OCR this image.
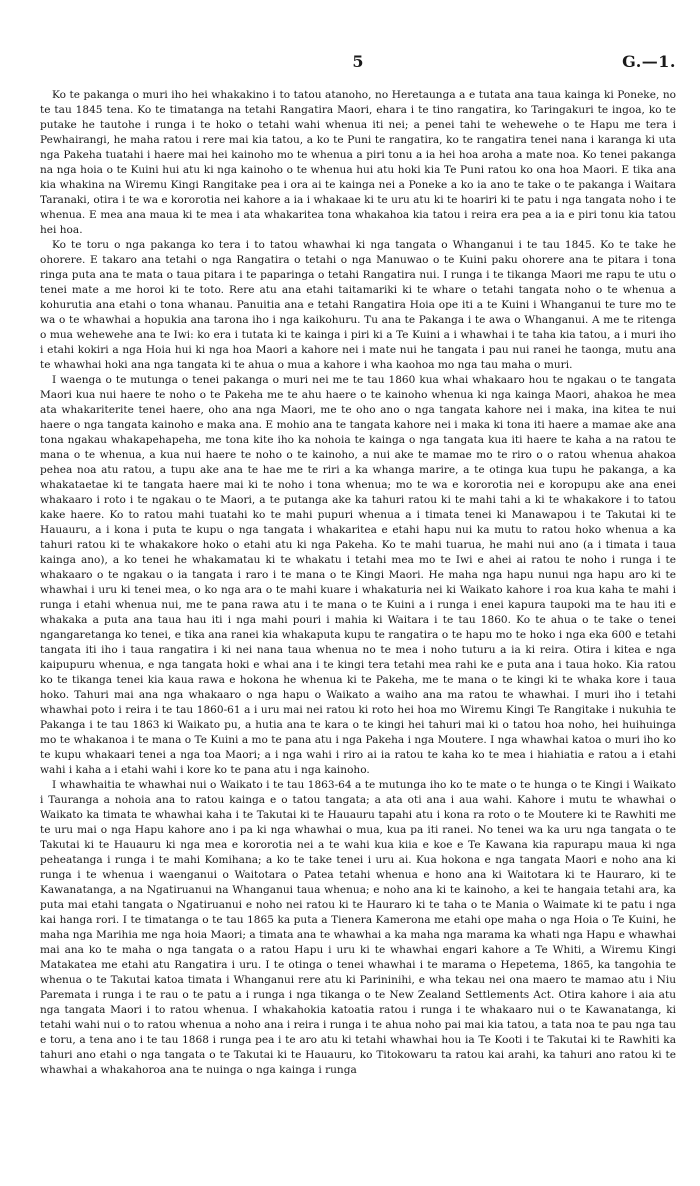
5	G.—1.

Ko te pakanga o muri iho hei whakakino i to tatou atanoho, no Heretaunga a e tutata ana taua kainga ki Poneke, no te tau 1845 tena. Ko te timatanga na tetahi Rangatira Maori, ehara i te tino rangatira, ko Taringakuri te ingoa, ko te putake he tautohe i runga i te hoko o tetahi wahi whenua iti nei; a penei tahi te wehewehe o te Hapu me tera i Pewhairangi, he maha ratou i rere mai kia tatou, a ko te Puni te rangatira, ko te rangatira tenei nana i karanga ki uta nga Pakeha tuatahi i haere mai hei kainoho mo te whenua a piri tonu a ia hei hoa aroha a mate noa. Ko tenei pakanga na nga hoia o te Kuini hui atu ki nga kainoho o te whenua hui atu hoki kia Te Puni ratou ko ona hoa Maori. E tika ana kia whakina na Wiremu Kingi Rangitake pea i ora ai te kainga nei a Poneke a ko ia ano te take o te pakanga i Waitara Taranaki, otira i te wa e kororotia nei kahore a ia i whakaae ki te uru atu ki te hoariri ki te patu i nga tangata noho i te whenua. E mea ana maua ki te mea i ata whakaritea tona whakahoa kia tatou i reira era pea a ia e piri tonu kia tatou hei hoa.

Ko te toru o nga pakanga ko tera i to tatou whawhai ki nga tangata o Whanganui i te tau 1845. Ko te take he ohorere. E takaro ana tetahi o nga Rangatira o tetahi o nga Manuwao o te Kuini paku ohorere ana te pitara i tona ringa puta ana te mata o taua pitara i te paparinga o tetahi Rangatira nui. I runga i te tikanga Maori me rapu te utu o tenei mate a me horoi ki te toto. Rere atu ana etahi taitamariki ki te whare o tetahi tangata noho o te whenua a kohurutia ana etahi o tona whanau. Panuitia ana e tetahi Rangatira Hoia ope iti a te Kuini i Whanganui te ture mo te wa o te whawhai a hopukia ana tarona iho i nga kaikohuru. Tu ana te Pakanga i te awa o Whanganui. A me te ritenga o mua wehewehe ana te Iwi: ko era i tutata ki te kainga i piri ki a Te Kuini a i whawhai i te taha kia tatou, a i muri iho i etahi kokiri a nga Hoia hui ki nga hoa Maori a kahore nei i mate nui he tangata i pau nui ranei he taonga, mutu ana te whawhai hoki ana nga tangata ki te ahua o mua a kahore i wha kaohoa mo nga tau maha o muri.

I waenga o te mutunga o tenei pakanga o muri nei me te tau 1860 kua whai whakaaro hou te ngakau o te tangata Maori kua nui haere te noho o te Pakeha me te ahu haere o te kainoho whenua ki nga kainga Maori, ahakoa he mea ata whakariterite tenei haere, oho ana nga Maori, me te oho ano o nga tangata kahore nei i maka, ina kitea te nui haere o nga tangata kainoho e maka ana. E mohio ana te tangata kahore nei i maka ki tona iti haere a mamae ake ana tona ngakau whakapehapeha, me tona kite iho ka nohoia te kainga o nga tangata kua iti haere te kaha a na ratou te mana o te whenua, a kua nui haere te noho o te kainoho, a nui ake te mamae mo te riro o o ratou whenua ahakoa pehea noa atu ratou, a tupu ake ana te hae me te riri a ka whanga marire, a te otinga kua tupu he pakanga, a ka whakataetae ki te tangata haere mai ki te noho i tona whenua; mo te wa e kororotia nei e koropupu ake ana enei whakaaro i roto i te ngakau o te Maori, a te putanga ake ka tahuri ratou ki te mahi tahi a ki te whakakore i to tatou kake haere. Ko to ratou mahi tuatahi ko te mahi pupuri whenua a i timata tenei ki Manawapou i te Takutai ki te Hauauru, a i kona i puta te kupu o nga tangata i whakaritea e etahi hapu nui ka mutu to ratou hoko whenua a ka tahuri ratou ki te whakakore hoko o etahi atu ki nga Pakeha. Ko te mahi tuarua, he mahi nui ano (a i timata i taua kainga ano), a ko tenei he whakamatau ki te whakatu i tetahi mea mo te Iwi e ahei ai ratou te noho i runga i te whakaaro o te ngakau o ia tangata i raro i te mana o te Kingi Maori. He maha nga hapu nunui nga hapu aro ki te whawhai i uru ki tenei mea, o ko nga ara o te mahi kuare i whakaturia nei ki Waikato kahore i roa kua kaha te mahi i runga i etahi whenua nui, me te pana rawa atu i te mana o te Kuini a i runga i enei kapura taupoki ma te hau iti e whakaka a puta ana taua hau iti i nga mahi pouri i mahia ki Waitara i te tau 1860. Ko te ahua o te take o tenei ngangaretanga ko tenei, e tika ana ranei kia whakaputa kupu te rangatira o te hapu mo te hoko i nga eka 600 e tetahi tangata iti iho i taua rangatira i ki nei nana taua whenua no te mea i noho tuturu a ia ki reira. Otira i kitea e nga kaipupuru whenua, e nga tangata hoki e whai ana i te kingi tera tetahi mea rahi ke e puta ana i taua hoko. Kia ratou ko te tikanga tenei kia kaua rawa e hokona he whenua ki te Pakeha, me te mana o te kingi ki te whaka kore i taua hoko. Tahuri mai ana nga whakaaro o nga hapu o Waikato a waiho ana ma ratou te whawhai. I muri iho i tetahi whawhai poto i reira i te tau 1860-61 a i uru mai nei ratou ki roto hei hoa mo Wiremu Kingi Te Rangitake i nukuhia te Pakanga i te tau 1863 ki Waikato pu, a hutia ana te kara o te kingi hei tahuri mai ki o tatou hoa noho, hei huihuinga mo te whakanoa i te mana o Te Kuini a mo te pana atu i nga Pakeha i nga Moutere. I nga whawhai katoa o muri iho ko te kupu whakaari tenei a nga toa Maori; a i nga wahi i riro ai ia ratou te kaha ko te mea i hiahiatia e ratou a i etahi wahi i kaha a i etahi wahi i kore ko te pana atu i nga kainoho.

I whawhaitia te whawhai nui o Waikato i te tau 1863-64 a te mutunga iho ko te mate o te hunga o te Kingi i Waikato i Tauranga a nohoia ana to ratou kainga e o tatou tangata; a ata oti ana i aua wahi. Kahore i mutu te whawhai o Waikato ka timata te whawhai kaha i te Takutai ki te Hauauru tapahi atu i kona ra roto o te Moutere ki te Rawhiti me te uru mai o nga Hapu kahore ano i pa ki nga whawhai o mua, kua pa iti ranei. No tenei wa ka uru nga tangata o te Takutai ki te Hauauru ki nga mea e kororotia nei a te wahi kua kiia e koe e Te Kawana kia rapurapu maua ki nga peheatanga i runga i te mahi Komihana; a ko te take tenei i uru ai. Kua hokona e nga tangata Maori e noho ana ki runga i te whenua i waenganui o Waitotara o Patea tetahi whenua e hono ana ki Waitotara ki te Hauraro, ki te Kawanatanga, a na Ngatiruanui na Whanganui taua whenua; e noho ana ki te kainoho, a kei te hangaia tetahi ara, ka puta mai etahi tangata o Ngatiruanui e noho nei ratou ki te Hauraro ki te taha o te Mania o Waimate ki te patu i nga kai hanga rori. I te timatanga o te tau 1865 ka puta a Tienera Kamerona me etahi ope maha o nga Hoia o Te Kuini, he maha nga Marihia me nga hoia Maori; a timata ana te whawhai a ka maha nga marama ka whati nga Hapu e whawhai mai ana ko te maha o nga tangata o a ratou Hapu i uru ki te whawhai engari kahore a Te Whiti, a Wiremu Kingi Matakatea me etahi atu Rangatira i uru. I te otinga o tenei whawhai i te marama o Hepetema, 1865, ka tangohia te whenua o te Takutai katoa timata i Whanganui rere atu ki Parininihi, e wha tekau nei ona maero te mamao atu i Niu Paremata i runga i te rau o te patu a i runga i nga tikanga o te New Zealand Settlements Act. Otira kahore i aia atu nga tangata Maori i to ratou whenua. I whakahokia katoatia ratou i runga i te whakaaro nui o te Kawanatanga, ki tetahi wahi nui o to ratou whenua a noho ana i reira i runga i te ahua noho pai mai kia tatou, a tata noa te pau nga tau e toru, a tena ano i te tau 1868 i runga pea i te aro atu ki tetahi whawhai hou ia Te Kooti i te Takutai ki te Rawhiti ka tahuri ano etahi o nga tangata o te Takutai ki te Hauauru, ko Titokowaru ta ratou kai arahi, ka tahuri ano ratou ki te whawhai a whakahoroa ana te nuinga o nga kainga i runga
